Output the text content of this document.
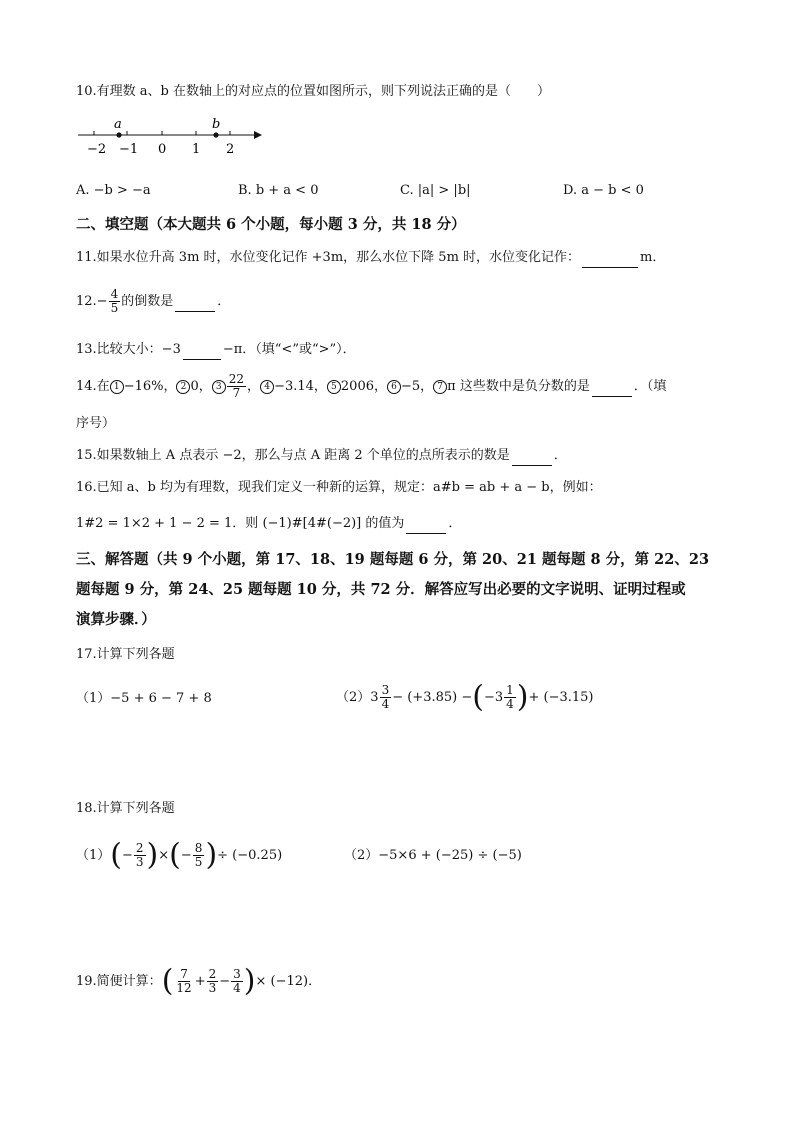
10.有理数 a、b 在数轴上的对应点的位置如图所示，则下列说法正确的是（　　）
a	b
−2 −1 0 1 2
A. −b > −a	B. b + a < 0	C. |a| > |b|	D. a − b < 0
二、填空题（本大题共 6 个小题，每小题 3 分，共 18 分）
11.如果水位升高 3m 时，水位变化记作 +3m，那么水位下降 5m 时，水位变化记作：	m．
$12.- \frac{4}{5}$ 的倒数是	．
13.比较大小：−3	−π．（填“<”或“>”）．
14.在 1 −16%， 2 0， $3 \frac{22}{7}$ ， 4 −3.14， 5 2006， 6 −5， 7 π 这些数中是负分数的是	．（填
序号）
15.如果数轴上 A 点表示 −2，那么与点 A 距离 2 个单位的点所表示的数是	．
16.已知 a、b 均为有理数，现我们定义一种新的运算，规定：a#b = ab + a − b，例如：
1#2 = 1×2 + 1 − 2 = 1．则 (−1)#[4#(−2)] 的值为	．
三、解答题（共 9 个小题，第 17、18、19 题每题 6 分，第 20、21 题每题 8 分，第 22、23
题每题 9 分，第 24、25 题每题 10 分，共 72 分．解答应写出必要的文字说明、证明过程或
演算步骤．）
17.计算下列各题
（1）−5 + 6 − 7 + 8	$(2)3 \frac{3}{4} - (+3.85) -(-3 \frac{1}{4}$ )+ (−3.15)
18.计算下列各题
$(1)(- \frac{2}{3}$ )×(− $\frac{8}{5}$ )÷ (−0.25)	（2）−5×6 + (−25) ÷ (−5)
19.简便计算：( $\frac{7}{12} + \frac{2}{3} - \frac{3}{4}$ )× (−12)．
